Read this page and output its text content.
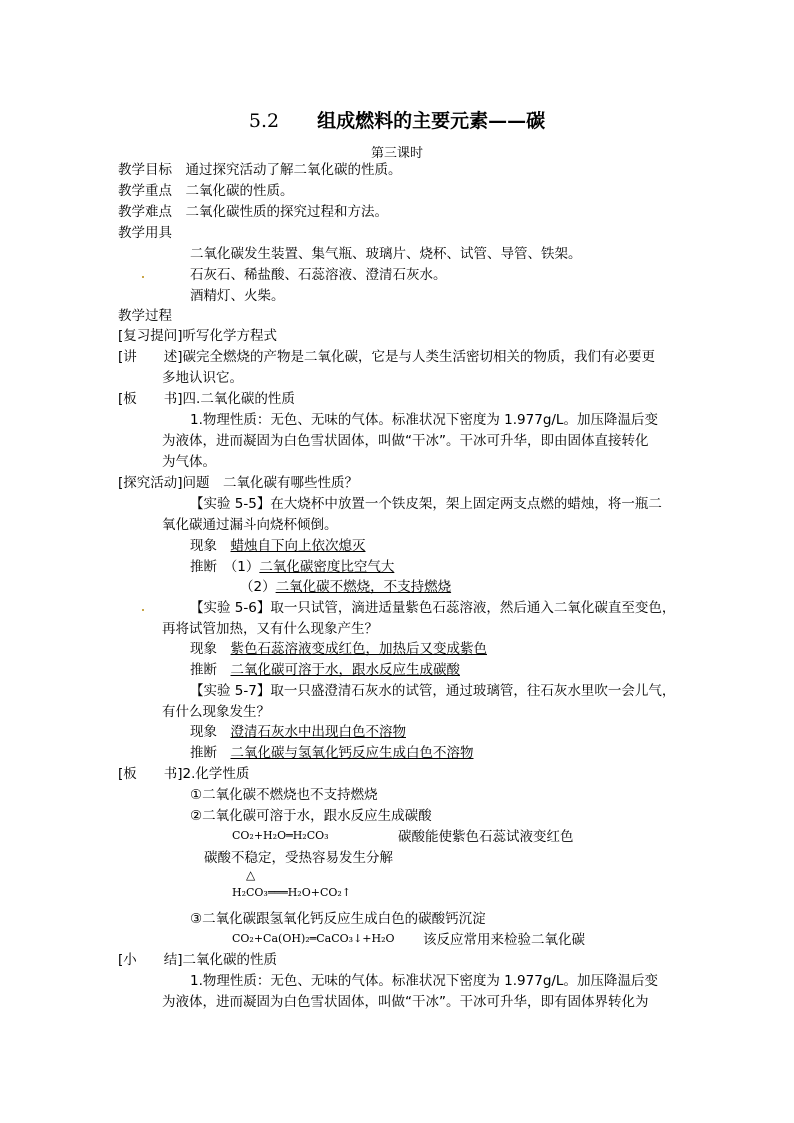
5.2 组成燃料的主要元素——碳
第三课时
教学目标　通过探究活动了解二氧化碳的性质。
教学重点　二氧化碳的性质。
教学难点　二氧化碳性质的探究过程和方法。
教学用具
二氧化碳发生装置、集气瓶、玻璃片、烧杯、试管、导管、铁架。
石灰石、稀盐酸、石蕊溶液、澄清石灰水。
酒精灯、火柴。
教学过程
[复习提问]听写化学方程式
[讲　　述]碳完全燃烧的产物是二氧化碳，它是与人类生活密切相关的物质，我们有必要更
多地认识它。
[板　　书]四.二氧化碳的性质
1.物理性质：无色、无味的气体。标准状况下密度为 1.977g/L。加压降温后变
为液体，进而凝固为白色雪状固体，叫做“干冰”。干冰可升华，即由固体直接转化
为气体。
[探究活动]问题　二氧化碳有哪些性质？
【实验 5-5】在大烧杯中放置一个铁皮架，架上固定两支点燃的蜡烛，将一瓶二
氧化碳通过漏斗向烧杯倾倒。
现象　 蜡烛自下向上依次熄灭
推断　 （1）二氧化碳密度比空气大
（2）二氧化碳不燃烧，不支持燃烧
【实验 5-6】取一只试管，滴进适量紫色石蕊溶液，然后通入二氧化碳直至变色，
再将试管加热，又有什么现象产生？
现象　 紫色石蕊溶液变成红色，加热后又变成紫色
推断　 二氧化碳可溶于水，跟水反应生成碳酸
【实验 5-7】取一只盛澄清石灰水的试管，通过玻璃管，往石灰水里吹一会儿气，
有什么现象发生？
现象　 澄清石灰水中出现白色不溶物
推断　 二氧化碳与氢氧化钙反应生成白色不溶物
[板　　书]2.化学性质
①二氧化碳不燃烧也不支持燃烧
②二氧化碳可溶于水，跟水反应生成碳酸
CO₂+H₂O═H₂CO₃	碳酸能使紫色石蕊试液变红色
碳酸不稳定，受热容易发生分解
△
H₂CO₃═══H₂O+CO₂↑
③二氧化碳跟氢氧化钙反应生成白色的碳酸钙沉淀
CO₂+Ca(OH)₂═CaCO₃↓+H₂O 该反应常用来检验二氧化碳
[小　　结]二氧化碳的性质
1.物理性质：无色、无味的气体。标准状况下密度为 1.977g/L。加压降温后变
为液体，进而凝固为白色雪状固体，叫做“干冰”。干冰可升华，即有固体界转化为
